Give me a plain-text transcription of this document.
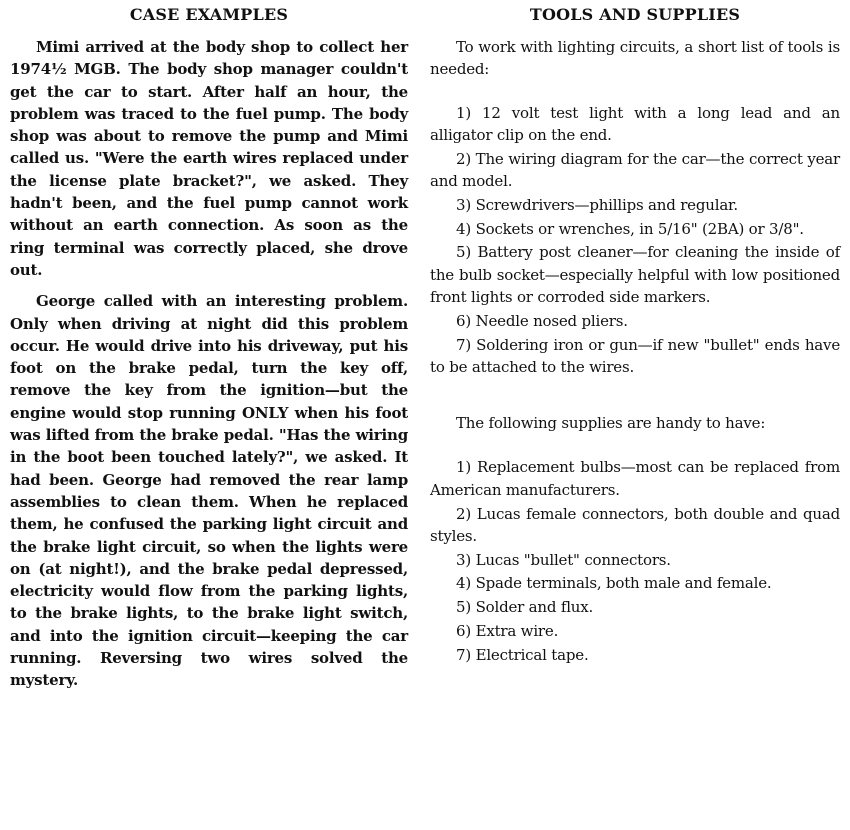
CASE EXAMPLES

Mimi arrived at the body shop to collect her 1974½ MGB. The body shop manager couldn't get the car to start. After half an hour, the problem was traced to the fuel pump. The body shop was about to remove the pump and Mimi called us. "Were the earth wires replaced under the license plate bracket?", we asked. They hadn't been, and the fuel pump cannot work without an earth connection. As soon as the ring terminal was correctly placed, she drove out.

George called with an interesting problem. Only when driving at night did this problem occur. He would drive into his driveway, put his foot on the brake pedal, turn the key off, remove the key from the ignition—but the engine would stop running ONLY when his foot was lifted from the brake pedal. "Has the wiring in the boot been touched lately?", we asked. It had been. George had removed the rear lamp assemblies to clean them. When he replaced them, he confused the parking light circuit and the brake light circuit, so when the lights were on (at night!), and the brake pedal depressed, electricity would flow from the parking lights, to the brake lights, to the brake light switch, and into the ignition circuit—keeping the car running. Reversing two wires solved the mystery.

TOOLS AND SUPPLIES

To work with lighting circuits, a short list of tools is needed:

1) 12 volt test light with a long lead and an alligator clip on the end.
2) The wiring diagram for the car—the correct year and model.
3) Screwdrivers—phillips and regular.
4) Sockets or wrenches, in 5/16" (2BA) or 3/8".
5) Battery post cleaner—for cleaning the inside of the bulb socket—especially helpful with low positioned front lights or corroded side markers.
6) Needle nosed pliers.
7) Soldering iron or gun—if new "bullet" ends have to be attached to the wires.

The following supplies are handy to have:

1) Replacement bulbs—most can be replaced from American manufacturers.
2) Lucas female connectors, both double and quad styles.
3) Lucas "bullet" connectors.
4) Spade terminals, both male and female.
5) Solder and flux.
6) Extra wire.
7) Electrical tape.
